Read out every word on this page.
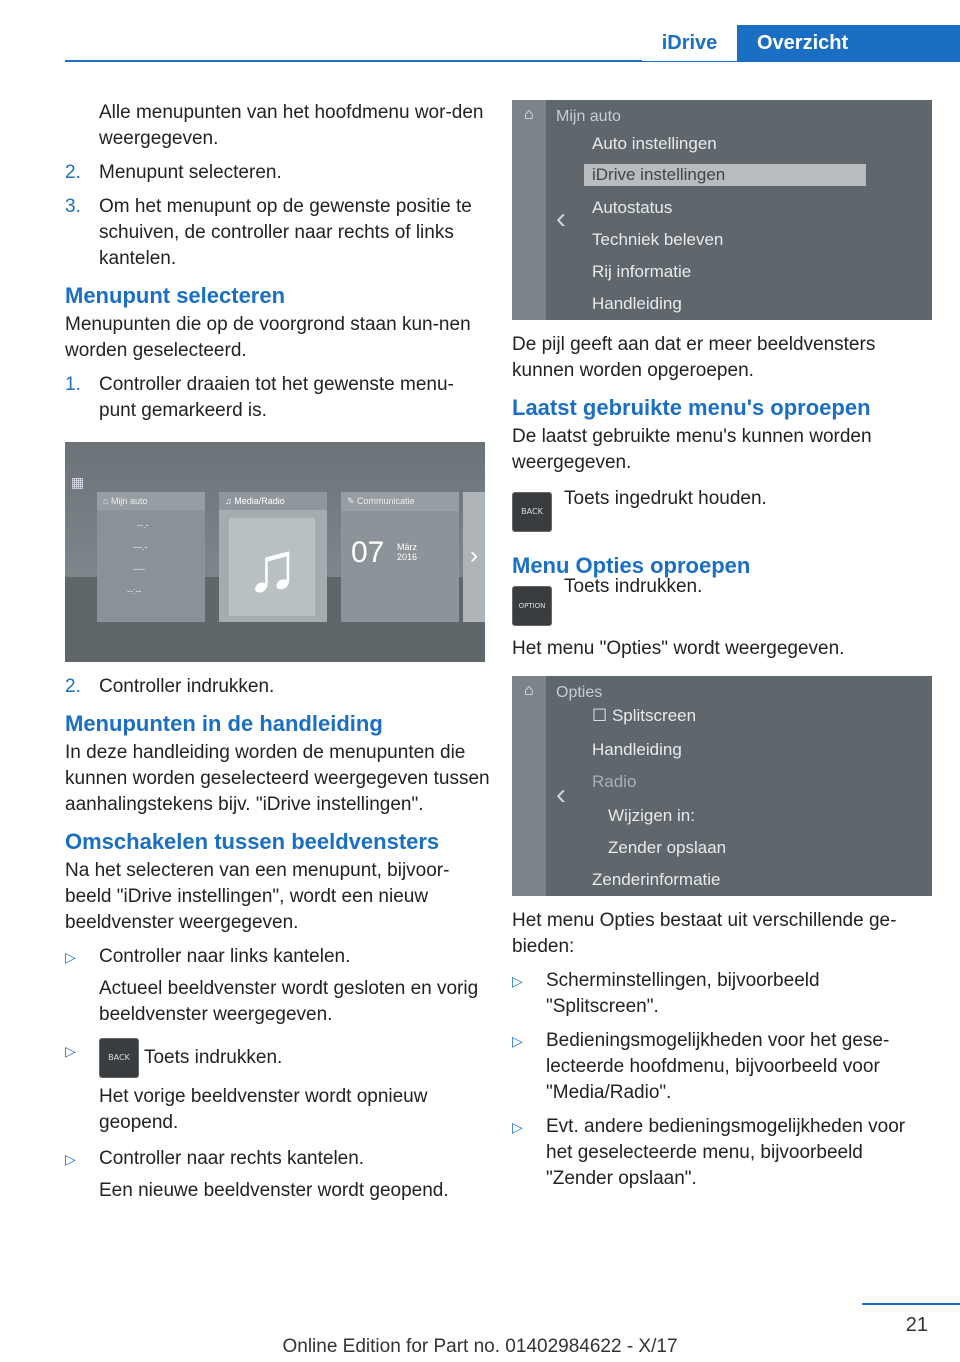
iDrive	Overzicht
Alle menupunten van het hoofdmenu wor-den weergegeven.
2. Menupunt selecteren.
3. Om het menupunt op de gewenste positie te schuiven, de controller naar rechts of links kantelen.
Menupunt selecteren
Menupunten die op de voorgrond staan kun-nen worden geselecteerd.
1. Controller draaien tot het gewenste menu-punt gemarkeerd is.
▦
⌂ Mijn auto
--.-
---.-
----
--:--
♫ Media/Radio
♫
✎ Communicatie
07 März
2016 ›
2. Controller indrukken.
Menupunten in de handleiding
In deze handleiding worden de menupunten die kunnen worden geselecteerd weergegeven tussen aanhalingstekens bijv. "iDrive instellingen".
Omschakelen tussen beeldvensters
Na het selecteren van een menupunt, bijvoor-beeld "iDrive instellingen", wordt een nieuw beeldvenster weergegeven.
▷ Controller naar links kantelen.
Actueel beeldvenster wordt gesloten en vorig beeldvenster weergegeven.
▷	BACK Toets indrukken.
Het vorige beeldvenster wordt opnieuw geopend.
▷ Controller naar rechts kantelen.
Een nieuwe beeldvenster wordt geopend.
⌂ Mijn auto
‹
Auto instellingen
iDrive instellingen
Autostatus
Techniek beleven
Rij informatie
Handleiding
De pijl geeft aan dat er meer beeldvensters kunnen worden opgeroepen.
Laatst gebruikte menu's oproepen
De laatst gebruikte menu's kunnen worden weergegeven.
BACK
Toets ingedrukt houden.
Menu Opties oproepen
OPTION
Toets indrukken.
Het menu "Opties" wordt weergegeven.
⌂ Opties
‹
☐ Splitscreen
Handleiding
Radio
Wijzigen in:
Zender opslaan
Zenderinformatie
Het menu Opties bestaat uit verschillende ge-bieden:
▷ Scherminstellingen, bijvoorbeeld "Splitscreen".
▷ Bedieningsmogelijkheden voor het gese-lecteerde hoofdmenu, bijvoorbeeld voor "Media/Radio".
▷ Evt. andere bedieningsmogelijkheden voor het geselecteerde menu, bijvoorbeeld "Zender opslaan".
21
Online Edition for Part no. 01402984622 - X/17
